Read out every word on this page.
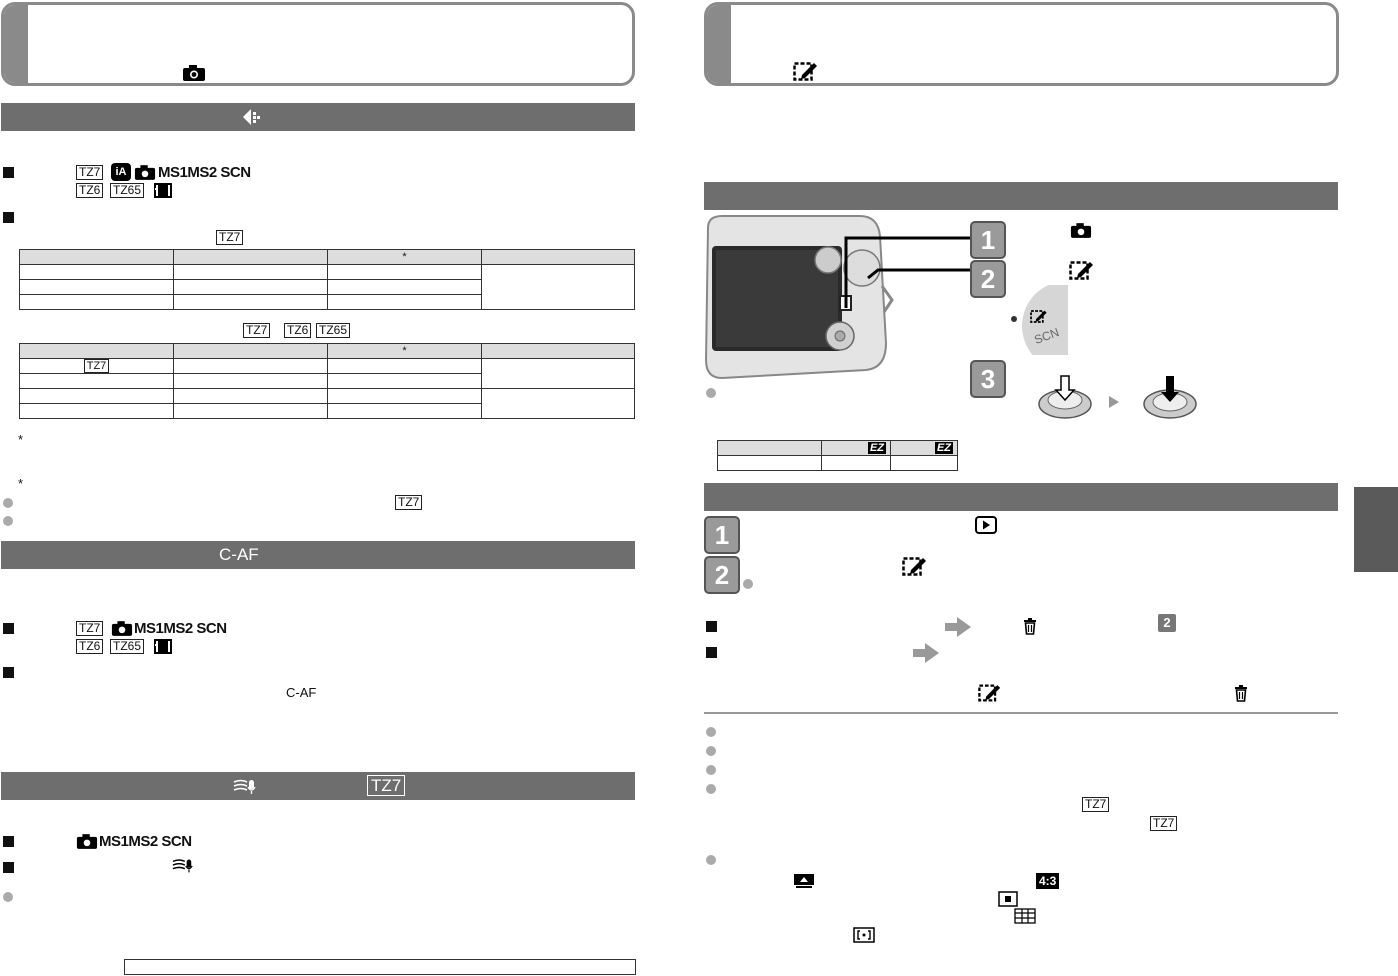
TZ7	iA	MS1MS2 SCN
TZ6 TZ65
TZ7
		*	

TZ7 TZ6 TZ65
		*	
TZ7			

*
*
TZ7
C-AF
TZ7 MS1MS2 SCN
TZ6 TZ65
C-AF
TZ7
MS1MS2 SCN
1
2
SCN
3
	EZ	EZ

1
2
2
TZ7
TZ7
4:3
